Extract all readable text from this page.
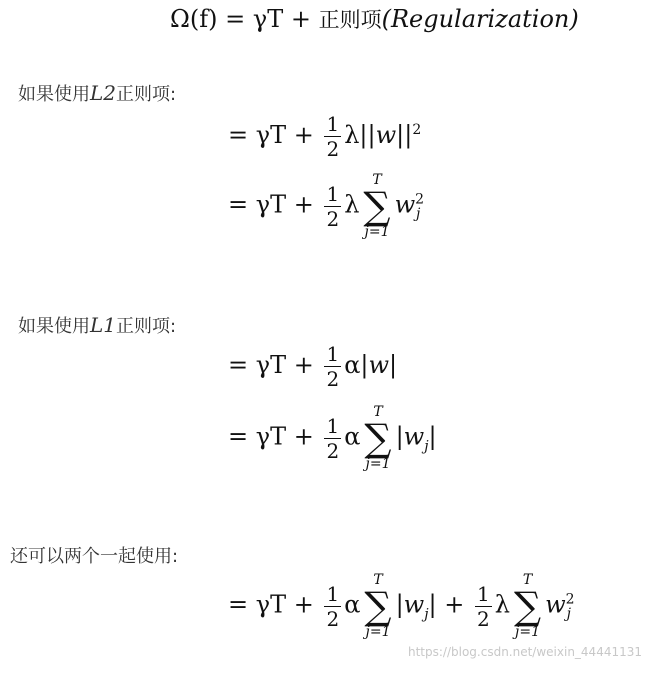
Ω(f) = γT + 正则项(Regularization)
如果使用L2正则项:
= $\gamma T + \frac{1}{2} \lambda||w||^2$
= $\gamma T + \frac{1}{2}$ λ
T
∑
j=1
$w^2_j$
如果使用L1正则项:
= $\gamma T + \frac{1}{2} \alpha|w|$
= $\gamma T + \frac{1}{2}$ α
T
∑
j=1
$|w_j|$
还可以两个一起使用:
= $\gamma T + \frac{1}{2}$ α
T
∑
j=1
$|w_j| + \frac{1}{2}$ λ
T
∑
j=1
$w^2_j$
https://blog.csdn.net/weixin_44441131
